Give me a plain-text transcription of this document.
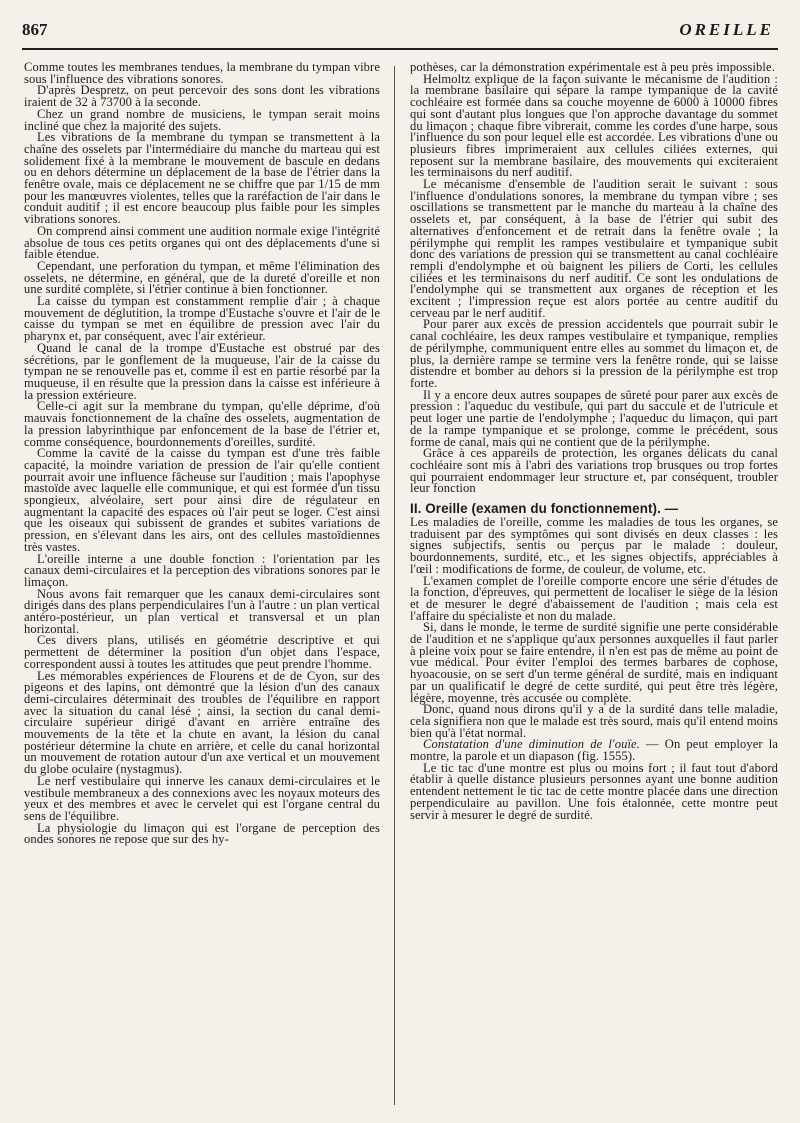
867	OREILLE

Comme toutes les membranes tendues, la membrane du tympan vibre sous l'influence des vibrations sonores.

D'après Despretz, on peut percevoir des sons dont les vibrations iraient de 32 à 73700 à la seconde.

Chez un grand nombre de musiciens, le tympan serait moins incliné que chez la majorité des sujets.

Les vibrations de la membrane du tympan se transmettent à la chaîne des osselets par l'intermédiaire du manche du marteau qui est solidement fixé à la membrane le mouvement de bascule en dedans ou en dehors détermine un déplacement de la base de l'étrier dans la fenêtre ovale, mais ce déplacement ne se chiffre que par 1/15 de mm pour les manœuvres violentes, telles que la raréfaction de l'air dans le conduit auditif ; il est encore beaucoup plus faible pour les simples vibrations sonores.

On comprend ainsi comment une audition normale exige l'intégrité absolue de tous ces petits organes qui ont des déplacements d'une si faible étendue.

Cependant, une perforation du tympan, et même l'élimination des osselets, ne détermine, en général, que de la dureté d'oreille et non une surdité complète, si l'étrier continue à bien fonctionner.

La caisse du tympan est constamment remplie d'air ; à chaque mouvement de déglutition, la trompe d'Eustache s'ouvre et l'air de le caisse du tympan se met en équilibre de pression avec l'air du pharynx et, par conséquent, avec l'air extérieur.

Quand le canal de la trompe d'Eustache est obstrué par des sécrétions, par le gonflement de la muqueuse, l'air de la caisse du tympan ne se renouvelle pas et, comme il est en partie résorbé par la muqueuse, il en résulte que la pression dans la caisse est inférieure à la pression extérieure.

Celle-ci agit sur la membrane du tympan, qu'elle déprime, d'où mauvais fonctionnement de la chaîne des osselets, augmentation de la pression labyrinthique par enfoncement de la base de l'étrier et, comme conséquence, bourdonnements d'oreilles, surdité.

Comme la cavité de la caisse du tympan est d'une très faible capacité, la moindre variation de pression de l'air qu'elle contient pourrait avoir une influence fâcheuse sur l'audition ; mais l'apophyse mastoïde avec laquelle elle communique, et qui est formée d'un tissu spongieux, alvéolaire, sert pour ainsi dire de régulateur en augmentant la capacité des espaces où l'air peut se loger. C'est ainsi que les oiseaux qui subissent de grandes et subites variations de pression, en s'élevant dans les airs, ont des cellules mastoïdiennes très vastes.

L'oreille interne a une double fonction : l'orientation par les canaux demi-circulaires et la perception des vibrations sonores par le limaçon.

Nous avons fait remarquer que les canaux demi-circulaires sont dirigés dans des plans perpendiculaires l'un à l'autre : un plan vertical antéro-postérieur, un plan vertical et transversal et un plan horizontal.

Ces divers plans, utilisés en géométrie descriptive et qui permettent de déterminer la position d'un objet dans l'espace, correspondent aussi à toutes les attitudes que peut prendre l'homme.

Les mémorables expériences de Flourens et de de Cyon, sur des pigeons et des lapins, ont démontré que la lésion d'un des canaux demi-circulaires déterminait des troubles de l'équilibre en rapport avec la situation du canal lésé ; ainsi, la section du canal demi-circulaire supérieur dirigé d'avant en arrière entraîne des mouvements de la tête et la chute en avant, la lésion du canal postérieur détermine la chute en arrière, et celle du canal horizontal un mouvement de rotation autour d'un axe vertical et un mouvement du globe oculaire (nystagmus).

Le nerf vestibulaire qui innerve les canaux demi-circulaires et le vestibule membraneux a des connexions avec les noyaux moteurs des yeux et des membres et avec le cervelet qui est l'organe central du sens de l'équilibre.

La physiologie du limaçon qui est l'organe de perception des ondes sonores ne repose que sur des hy-

pothèses, car la démonstration expérimentale est à peu près impossible.

Helmoltz explique de la façon suivante le mécanisme de l'audition : la membrane basilaire qui sépare la rampe tympanique de la cavité cochléaire est formée dans sa couche moyenne de 6000 à 10000 fibres qui sont d'autant plus longues que l'on approche davantage du sommet du limaçon ; chaque fibre vibrerait, comme les cordes d'une harpe, sous l'influence du son pour lequel elle est accordée. Les vibrations d'une ou plusieurs fibres imprimeraient aux cellules ciliées externes, qui reposent sur la membrane basilaire, des mouvements qui exciteraient les terminaisons du nerf auditif.

Le mécanisme d'ensemble de l'audition serait le suivant : sous l'influence d'ondulations sonores, la membrane du tympan vibre ; ses oscillations se transmettent par le manche du marteau à la chaîne des osselets et, par conséquent, à la base de l'étrier qui subit des alternatives d'enfoncement et de retrait dans la fenêtre ovale ; la périlymphe qui remplit les rampes vestibulaire et tympanique subit donc des variations de pression qui se transmettent au canal cochléaire rempli d'endolymphe et où baignent les piliers de Corti, les cellules ciliées et les terminaisons du nerf auditif. Ce sont les ondulations de l'endolymphe qui se transmettent aux organes de réception et les excitent ; l'impression reçue est alors portée au centre auditif du cerveau par le nerf auditif.

Pour parer aux excès de pression accidentels que pourrait subir le canal cochléaire, les deux rampes vestibulaire et tympanique, remplies de périlymphe, communiquent entre elles au sommet du limaçon et, de plus, la dernière rampe se termine vers la fenêtre ronde, qui se laisse distendre et bomber au dehors si la pression de la périlymphe est trop forte.

Il y a encore deux autres soupapes de sûreté pour parer aux excès de pression : l'aqueduc du vestibule, qui part du saccule et de l'utricule et peut loger une partie de l'endolymphe ; l'aqueduc du limaçon, qui part de la rampe tympanique et se prolonge, comme le précédent, sous forme de canal, mais qui ne contient que de la périlymphe.

Grâce à ces appareils de protection, les organes délicats du canal cochléaire sont mis à l'abri des variations trop brusques ou trop fortes qui pourraient endommager leur structure et, par conséquent, troubler leur fonction

II. Oreille (examen du fonctionnement). —

Les maladies de l'oreille, comme les maladies de tous les organes, se traduisent par des symptômes qui sont divisés en deux classes : les signes subjectifs, sentis ou perçus par le malade : douleur, bourdonnements, surdité, etc., et les signes objectifs, appréciables à l'œil : modifications de forme, de couleur, de volume, etc.

L'examen complet de l'oreille comporte encore une série d'études de la fonction, d'épreuves, qui permettent de localiser le siège de la lésion et de mesurer le degré d'abaissement de l'audition ; mais cela est l'affaire du spécialiste et non du malade.

Si, dans le monde, le terme de surdité signifie une perte considérable de l'audition et ne s'applique qu'aux personnes auxquelles il faut parler à pleine voix pour se faire entendre, il n'en est pas de même au point de vue médical. Pour éviter l'emploi des termes barbares de cophose, hyoacousie, on se sert d'un terme général de surdité, mais en indiquant par un qualificatif le degré de cette surdité, qui peut être très légère, légère, moyenne, très accusée ou complète.

Donc, quand nous dirons qu'il y a de la surdité dans telle maladie, cela signifiera non que le malade est très sourd, mais qu'il entend moins bien qu'à l'état normal.

Constatation d'une diminution de l'ouïe. — On peut employer la montre, la parole et un diapason (fig. 1555).

Le tic tac d'une montre est plus ou moins fort ; il faut tout d'abord établir à quelle distance plusieurs personnes ayant une bonne audition entendent nettement le tic tac de cette montre placée dans une direction perpendiculaire au pavillon. Une fois étalonnée, cette montre peut servir à mesurer le degré de surdité.
